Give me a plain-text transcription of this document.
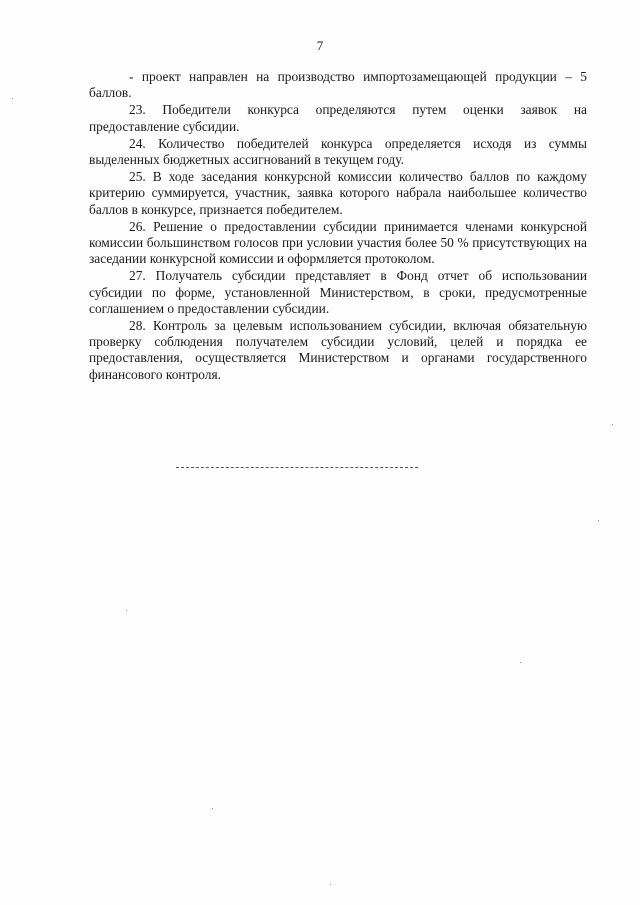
7

- проект направлен на производство импортозамещающей продукции – 5 баллов.

23. Победители конкурса определяются путем оценки заявок на предоставление субсидии.

24. Количество победителей конкурса определяется исходя из суммы выделенных бюджетных ассигнований в текущем году.

25. В ходе заседания конкурсной комиссии количество баллов по каждому критерию суммируется, участник, заявка которого набрала наибольшее количество баллов в конкурсе, признается победителем.

26. Решение о предоставлении субсидии принимается членами конкурсной комиссии большинством голосов при условии участия более 50 % присутствующих на заседании конкурсной комиссии и оформляется протоколом.

27. Получатель субсидии представляет в Фонд отчет об использовании субсидии по форме, установленной Министерством, в сроки, предусмотренные соглашением о предоставлении субсидии.

28. Контроль за целевым использованием субсидии, включая обязательную проверку соблюдения получателем субсидии условий, целей и порядка ее предоставления, осуществляется Министерством и органами государственного финансового контроля.
